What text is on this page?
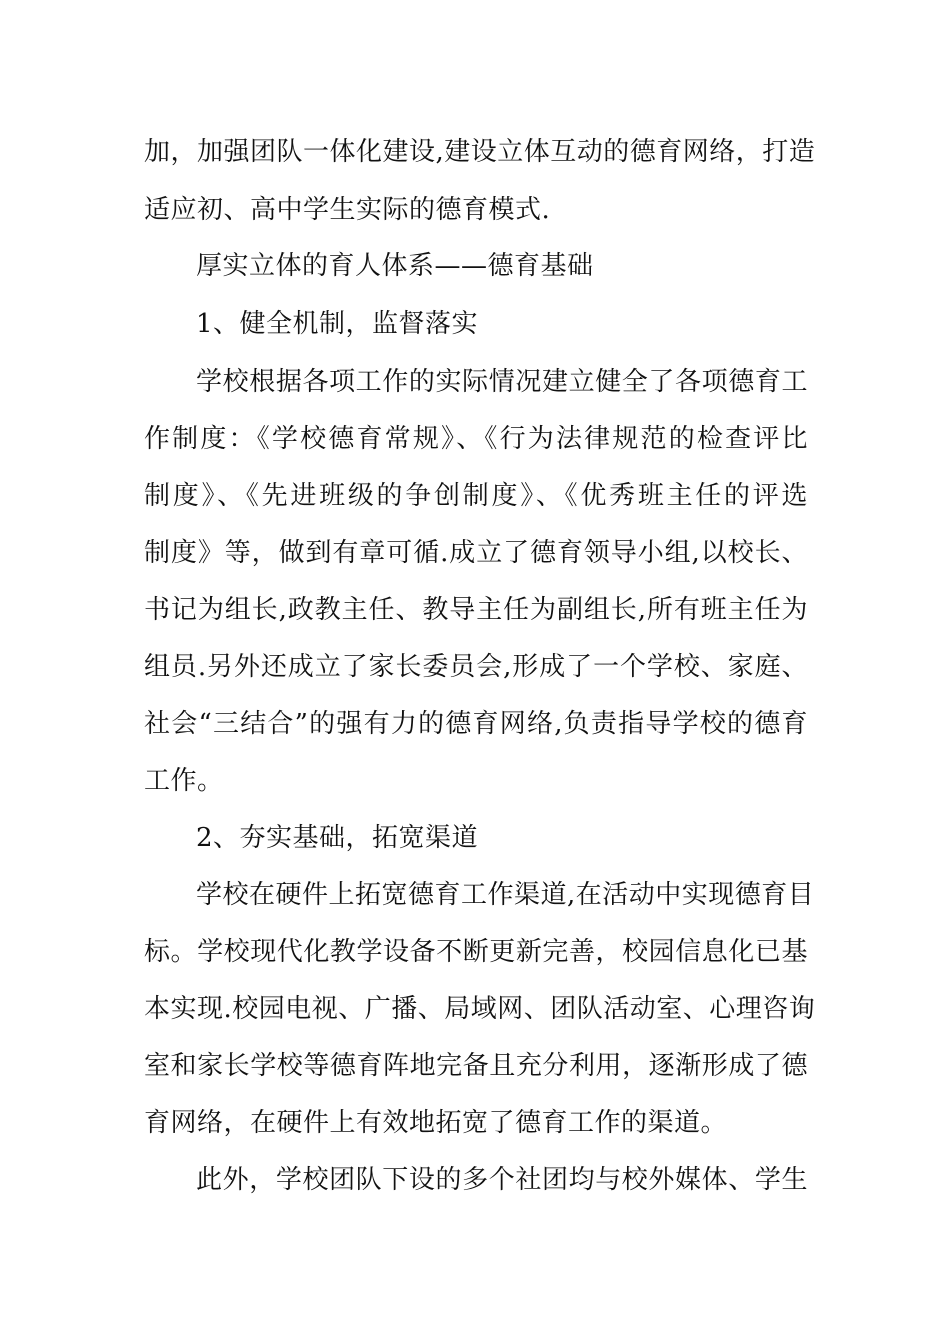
加，加强团队一体化建设,建设立体互动的德育网络，打造
适应初、高中学生实际的德育模式.
厚实立体的育人体系——德育基础
1、健全机制，监督落实
学校根据各项工作的实际情况建立健全了各项德育工
作制度：《学校德育常规》、《行为法律规范的检查评比
制度》、《先进班级的争创制度》、《优秀班主任的评选
制度》等，做到有章可循.成立了德育领导小组,以校长、
书记为组长,政教主任、教导主任为副组长,所有班主任为
组员.另外还成立了家长委员会,形成了一个学校、家庭、
社会“三结合”的强有力的德育网络,负责指导学校的德育
工作。
2、夯实基础，拓宽渠道
学校在硬件上拓宽德育工作渠道,在活动中实现德育目
标。学校现代化教学设备不断更新完善，校园信息化已基
本实现.校园电视、广播、局域网、团队活动室、心理咨询
室和家长学校等德育阵地完备且充分利用，逐渐形成了德
育网络，在硬件上有效地拓宽了德育工作的渠道。
此外，学校团队下设的多个社团均与校外媒体、学生
